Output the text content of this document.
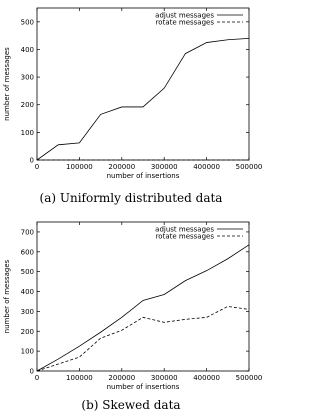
0	100000 200000 300000 400000 500000
0
100
200
300
400
500
number of insertions
number of messages
adjust messages
rotate messages
(a) Uniformly distributed data
0	100000 200000 300000 400000 500000
0
100
200
300
400
500
600
700
number of insertions
number of messages
adjust messages
rotate messages
(b) Skewed data
